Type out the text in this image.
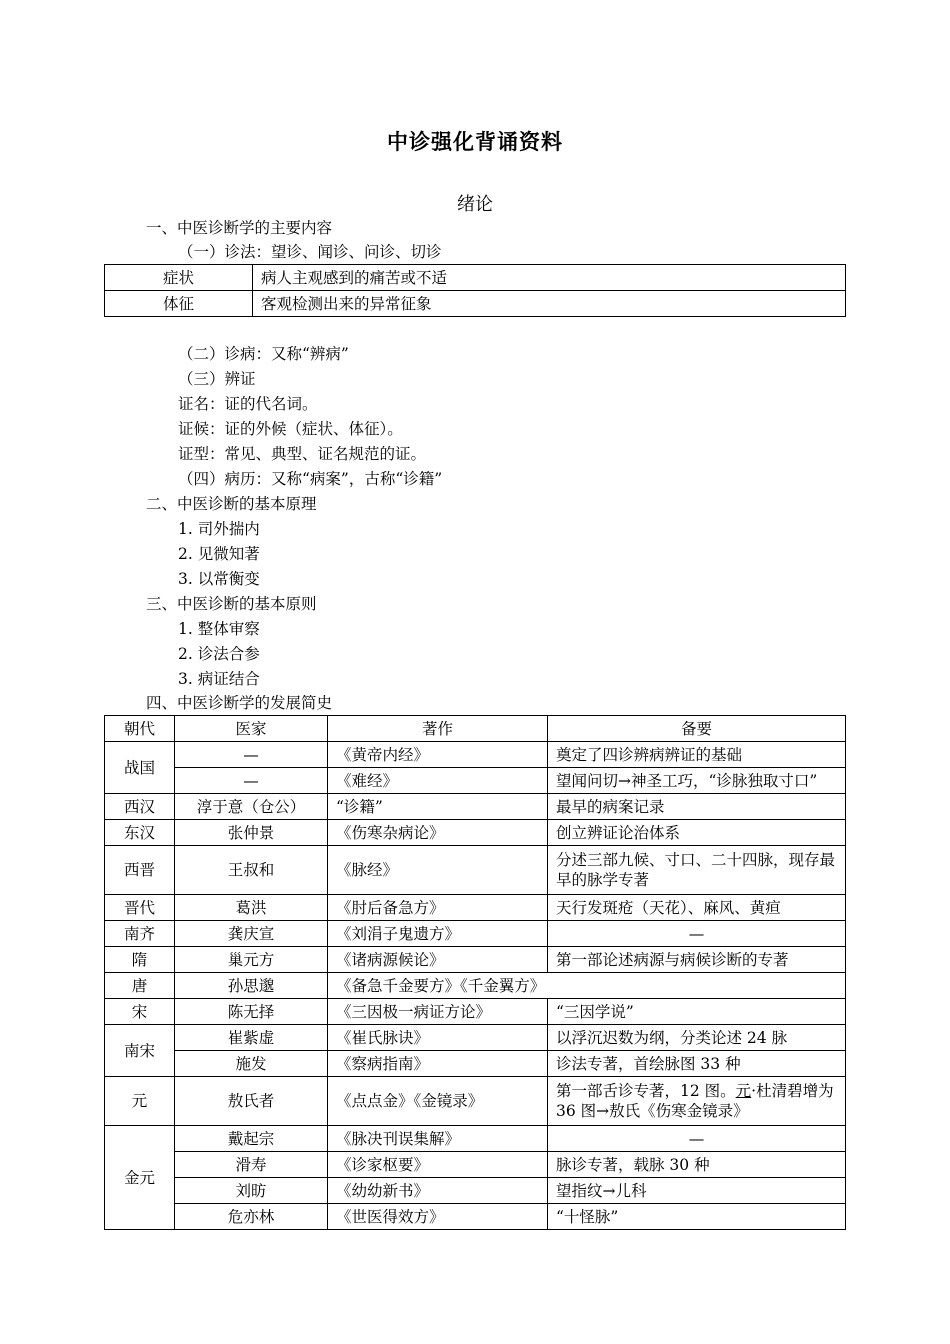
中诊强化背诵资料
绪论
一、中医诊断学的主要内容
（一）诊法：望诊、闻诊、问诊、切诊
症状	病人主观感到的痛苦或不适
体征	客观检测出来的异常征象
（二）诊病：又称“辨病”
（三）辨证
证名：证的代名词。
证候：证的外候（症状、体征）。
证型：常见、典型、证名规范的证。
（四）病历：又称“病案”，古称“诊籍”
二、中医诊断的基本原理
1. 司外揣内
2. 见微知著
3. 以常衡变
三、中医诊断的基本原则
1. 整体审察
2. 诊法合参
3. 病证结合
四、中医诊断学的发展简史
朝代	医家	著作	备要
战国	—	《黄帝内经》	奠定了四诊辨病辨证的基础
	—	《难经》	望闻问切→神圣工巧，“诊脉独取寸口”
西汉	淳于意（仓公）	“诊籍”	最早的病案记录
东汉	张仲景	《伤寒杂病论》	创立辨证论治体系
西晋	王叔和	《脉经》	分述三部九候、寸口、二十四脉，现存最早的脉学专著
晋代	葛洪	《肘后备急方》	天行发斑疮（天花）、麻风、黄疸
南齐	龚庆宣	《刘涓子鬼遗方》	—
隋	巢元方	《诸病源候论》	第一部论述病源与病候诊断的专著
唐	孙思邈	《备急千金要方》《千金翼方》	
宋	陈无择	《三因极一病证方论》	“三因学说”
南宋	崔紫虚	《崔氏脉诀》	以浮沉迟数为纲，分类论述 24 脉
	施发	《察病指南》	诊法专著，首绘脉图 33 种
元	敖氏者	《点点金》《金镜录》	第一部舌诊专著，12 图。元·杜清碧增为 36 图→敖氏《伤寒金镜录》
金元	戴起宗	《脉决刊误集解》	—
	滑寿	《诊家枢要》	脉诊专著，载脉 30 种
	刘昉	《幼幼新书》	望指纹→儿科
	危亦林	《世医得效方》	“十怪脉”
